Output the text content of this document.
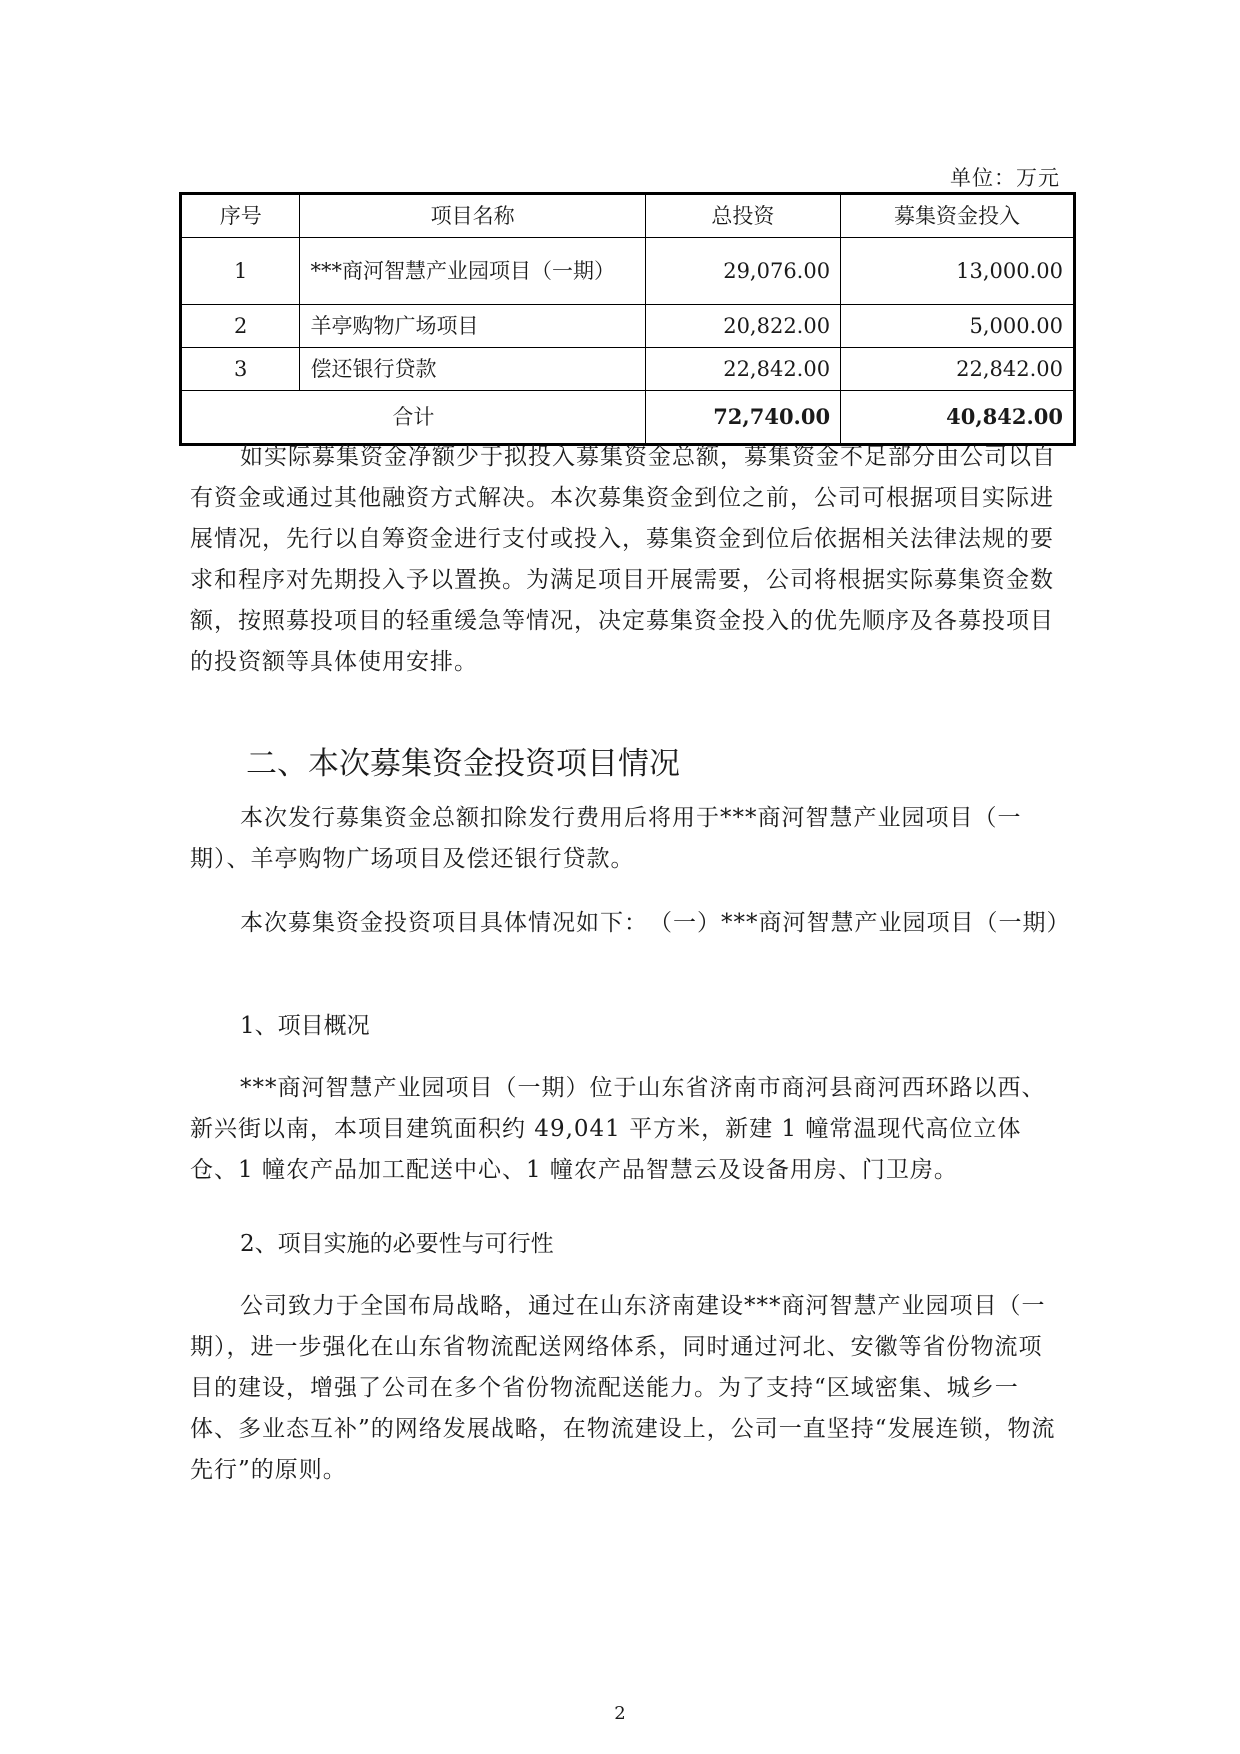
单位：万元
序号	项目名称	总投资	募集资金投入
1	***商河智慧产业园项目（一期）	29,076.00	13,000.00
2	羊亭购物广场项目	20,822.00	5,000.00
3	偿还银行贷款	22,842.00	22,842.00
合计		72,740.00	40,842.00

如实际募集资金净额少于拟投入募集资金总额，募集资金不足部分由公司以自有资金或通过其他融资方式解决。本次募集资金到位之前，公司可根据项目实际进展情况，先行以自筹资金进行支付或投入，募集资金到位后依据相关法律法规的要求和程序对先期投入予以置换。为满足项目开展需要，公司将根据实际募集资金数额，按照募投项目的轻重缓急等情况，决定募集资金投入的优先顺序及各募投项目的投资额等具体使用安排。

二、本次募集资金投资项目情况

本次发行募集资金总额扣除发行费用后将用于***商河智慧产业园项目（一期）、羊亭购物广场项目及偿还银行贷款。

本次募集资金投资项目具体情况如下：　（一）***商河智慧产业园项目（一期）

1、项目概况

***商河智慧产业园项目（一期）位于山东省济南市商河县商河西环路以西、新兴街以南，本项目建筑面积约 49,041 平方米，新建 1 幢常温现代高位立体仓、1 幢农产品加工配送中心、1 幢农产品智慧云及设备用房、门卫房。

2、项目实施的必要性与可行性

公司致力于全国布局战略，通过在山东济南建设***商河智慧产业园项目（一期），进一步强化在山东省物流配送网络体系，同时通过河北、安徽等省份物流项目的建设，增强了公司在多个省份物流配送能力。为了支持“区域密集、城乡一体、多业态互补”的网络发展战略，在物流建设上，公司一直坚持“发展连锁，物流先行”的原则。

2
